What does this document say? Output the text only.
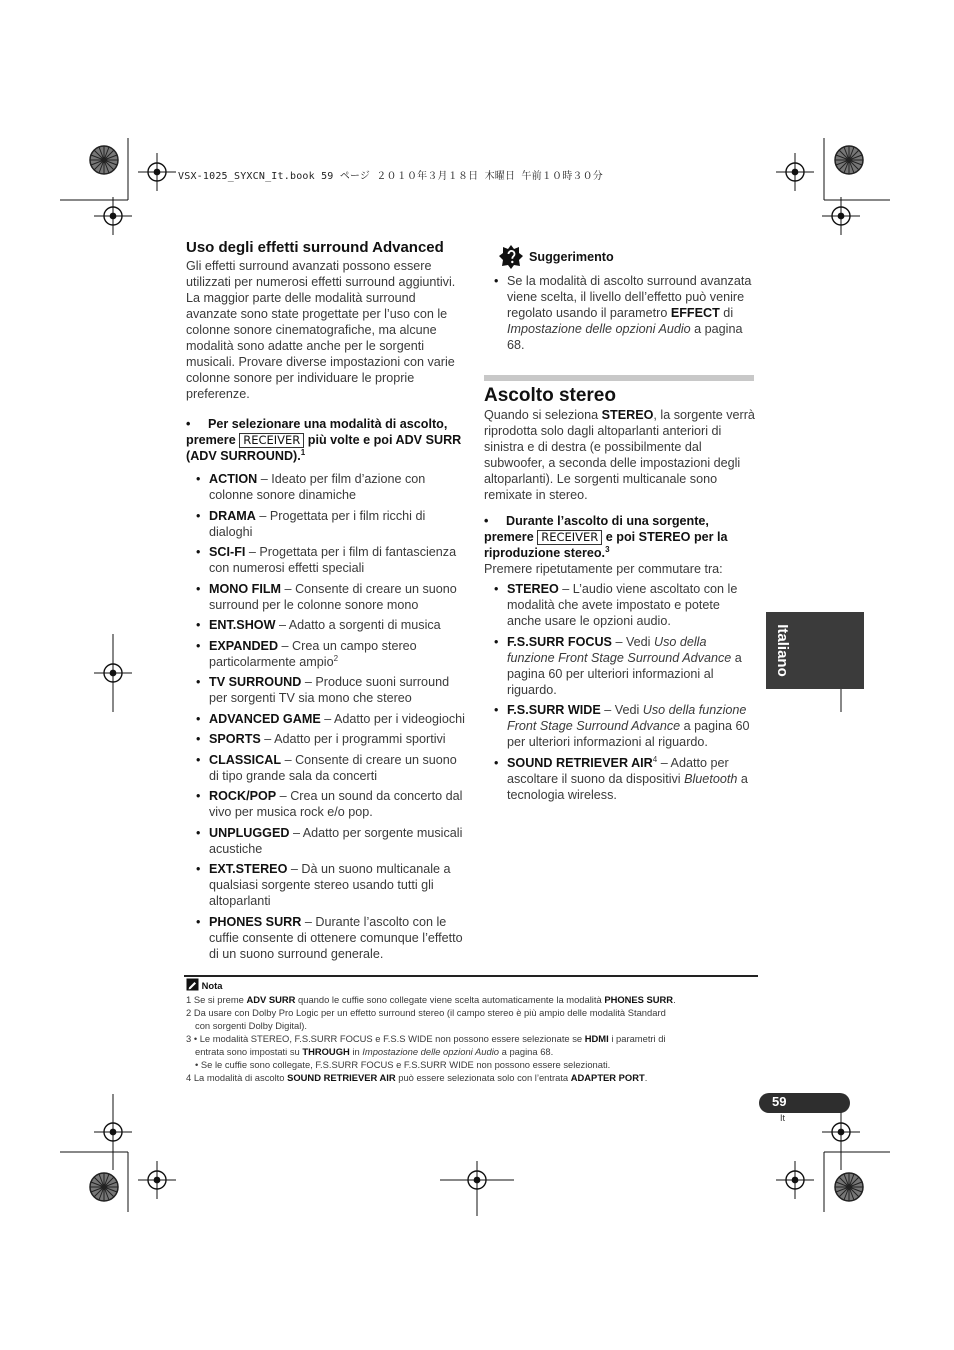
VSX-1025_SYXCN_It.book 59 ページ ２０１０年３月１８日 木曜日 午前１０時３０分
Uso degli effetti surround Advanced

Gli effetti surround avanzati possono essere utilizzati per numerosi effetti surround aggiuntivi. La maggior parte delle modalità surround avanzate sono state progettate per l’uso con le colonne sonore cinematografiche, ma alcune modalità sono adatte anche per le sorgenti musicali. Provare diverse impostazioni con varie colonne sonore per individuare le proprie preferenze.

• Per selezionare una modalità di ascolto, premere RECEIVER più volte e poi ADV SURR (ADV SURROUND).$^1$
• ACTION – Ideato per film d’azione con colonne sonore dinamiche
• DRAMA – Progettata per i film ricchi di dialoghi
• SCI-FI – Progettata per i film di fantascienza con numerosi effetti speciali
• MONO FILM – Consente di creare un suono surround per le colonne sonore mono
• ENT.SHOW – Adatto a sorgenti di musica
• EXPANDED – Crea un campo stereo particolarmente ampio$^2$
• TV SURROUND – Produce suoni surround per sorgenti TV sia mono che stereo
• ADVANCED GAME – Adatto per i videogiochi
• SPORTS – Adatto per i programmi sportivi
• CLASSICAL – Consente di creare un suono di tipo grande sala da concerti
• ROCK/POP – Crea un sound da concerto dal vivo per musica rock e/o pop.
• UNPLUGGED – Adatto per sorgente musicali acustiche
• EXT.STEREO – Dà un suono multicanale a qualsiasi sorgente stereo usando tutti gli altoparlanti
• PHONES SURR – Durante l’ascolto con le cuffie consente di ottenere comunque l’effetto di un suono surround generale.
Suggerimento
• Se la modalità di ascolto surround avanzata viene scelta, il livello dell’effetto può venire regolato usando il parametro EFFECT di Impostazione delle opzioni Audio a pagina 68.
Ascolto stereo

Quando si seleziona STEREO, la sorgente verrà riprodotta solo dagli altoparlanti anteriori di sinistra e di destra (e possibilmente dal subwoofer, a seconda delle impostazioni degli altoparlanti). Le sorgenti multicanale sono remixate in stereo.

• Durante l’ascolto di una sorgente, premere RECEIVER e poi STEREO per la riproduzione stereo.$^3$

Premere ripetutamente per commutare tra:

• STEREO – L’audio viene ascoltato con le modalità che avete impostato e potete anche usare le opzioni audio.
• F.S.SURR FOCUS – Vedi Uso della funzione Front Stage Surround Advance a pagina 60 per ulteriori informazioni al riguardo.
• F.S.SURR WIDE – Vedi Uso della funzione Front Stage Surround Advance a pagina 60 per ulteriori informazioni al riguardo.
• SOUND RETRIEVER AIR$^4$ – Adatto per ascoltare il suono da dispositivi Bluetooth a tecnologia wireless.
Italiano

Nota

1 Se si preme ADV SURR quando le cuffie sono collegate viene scelta automaticamente la modalità PHONES SURR.

2 Da usare con Dolby Pro Logic per un effetto surround stereo (il campo stereo è più ampio delle modalità Standard

con sorgenti Dolby Digital).

3 • Le modalità STEREO, F.S.SURR FOCUS e F.S.S WIDE non possono essere selezionate se HDMI i parametri di

entrata sono impostati su THROUGH in Impostazione delle opzioni Audio a pagina 68.

• Se le cuffie sono collegate, F.S.SURR FOCUS e F.S.SURR WIDE non possono essere selezionati.

4 La modalità di ascolto SOUND RETRIEVER AIR può essere selezionata solo con l’entrata ADAPTER PORT.

59
It
